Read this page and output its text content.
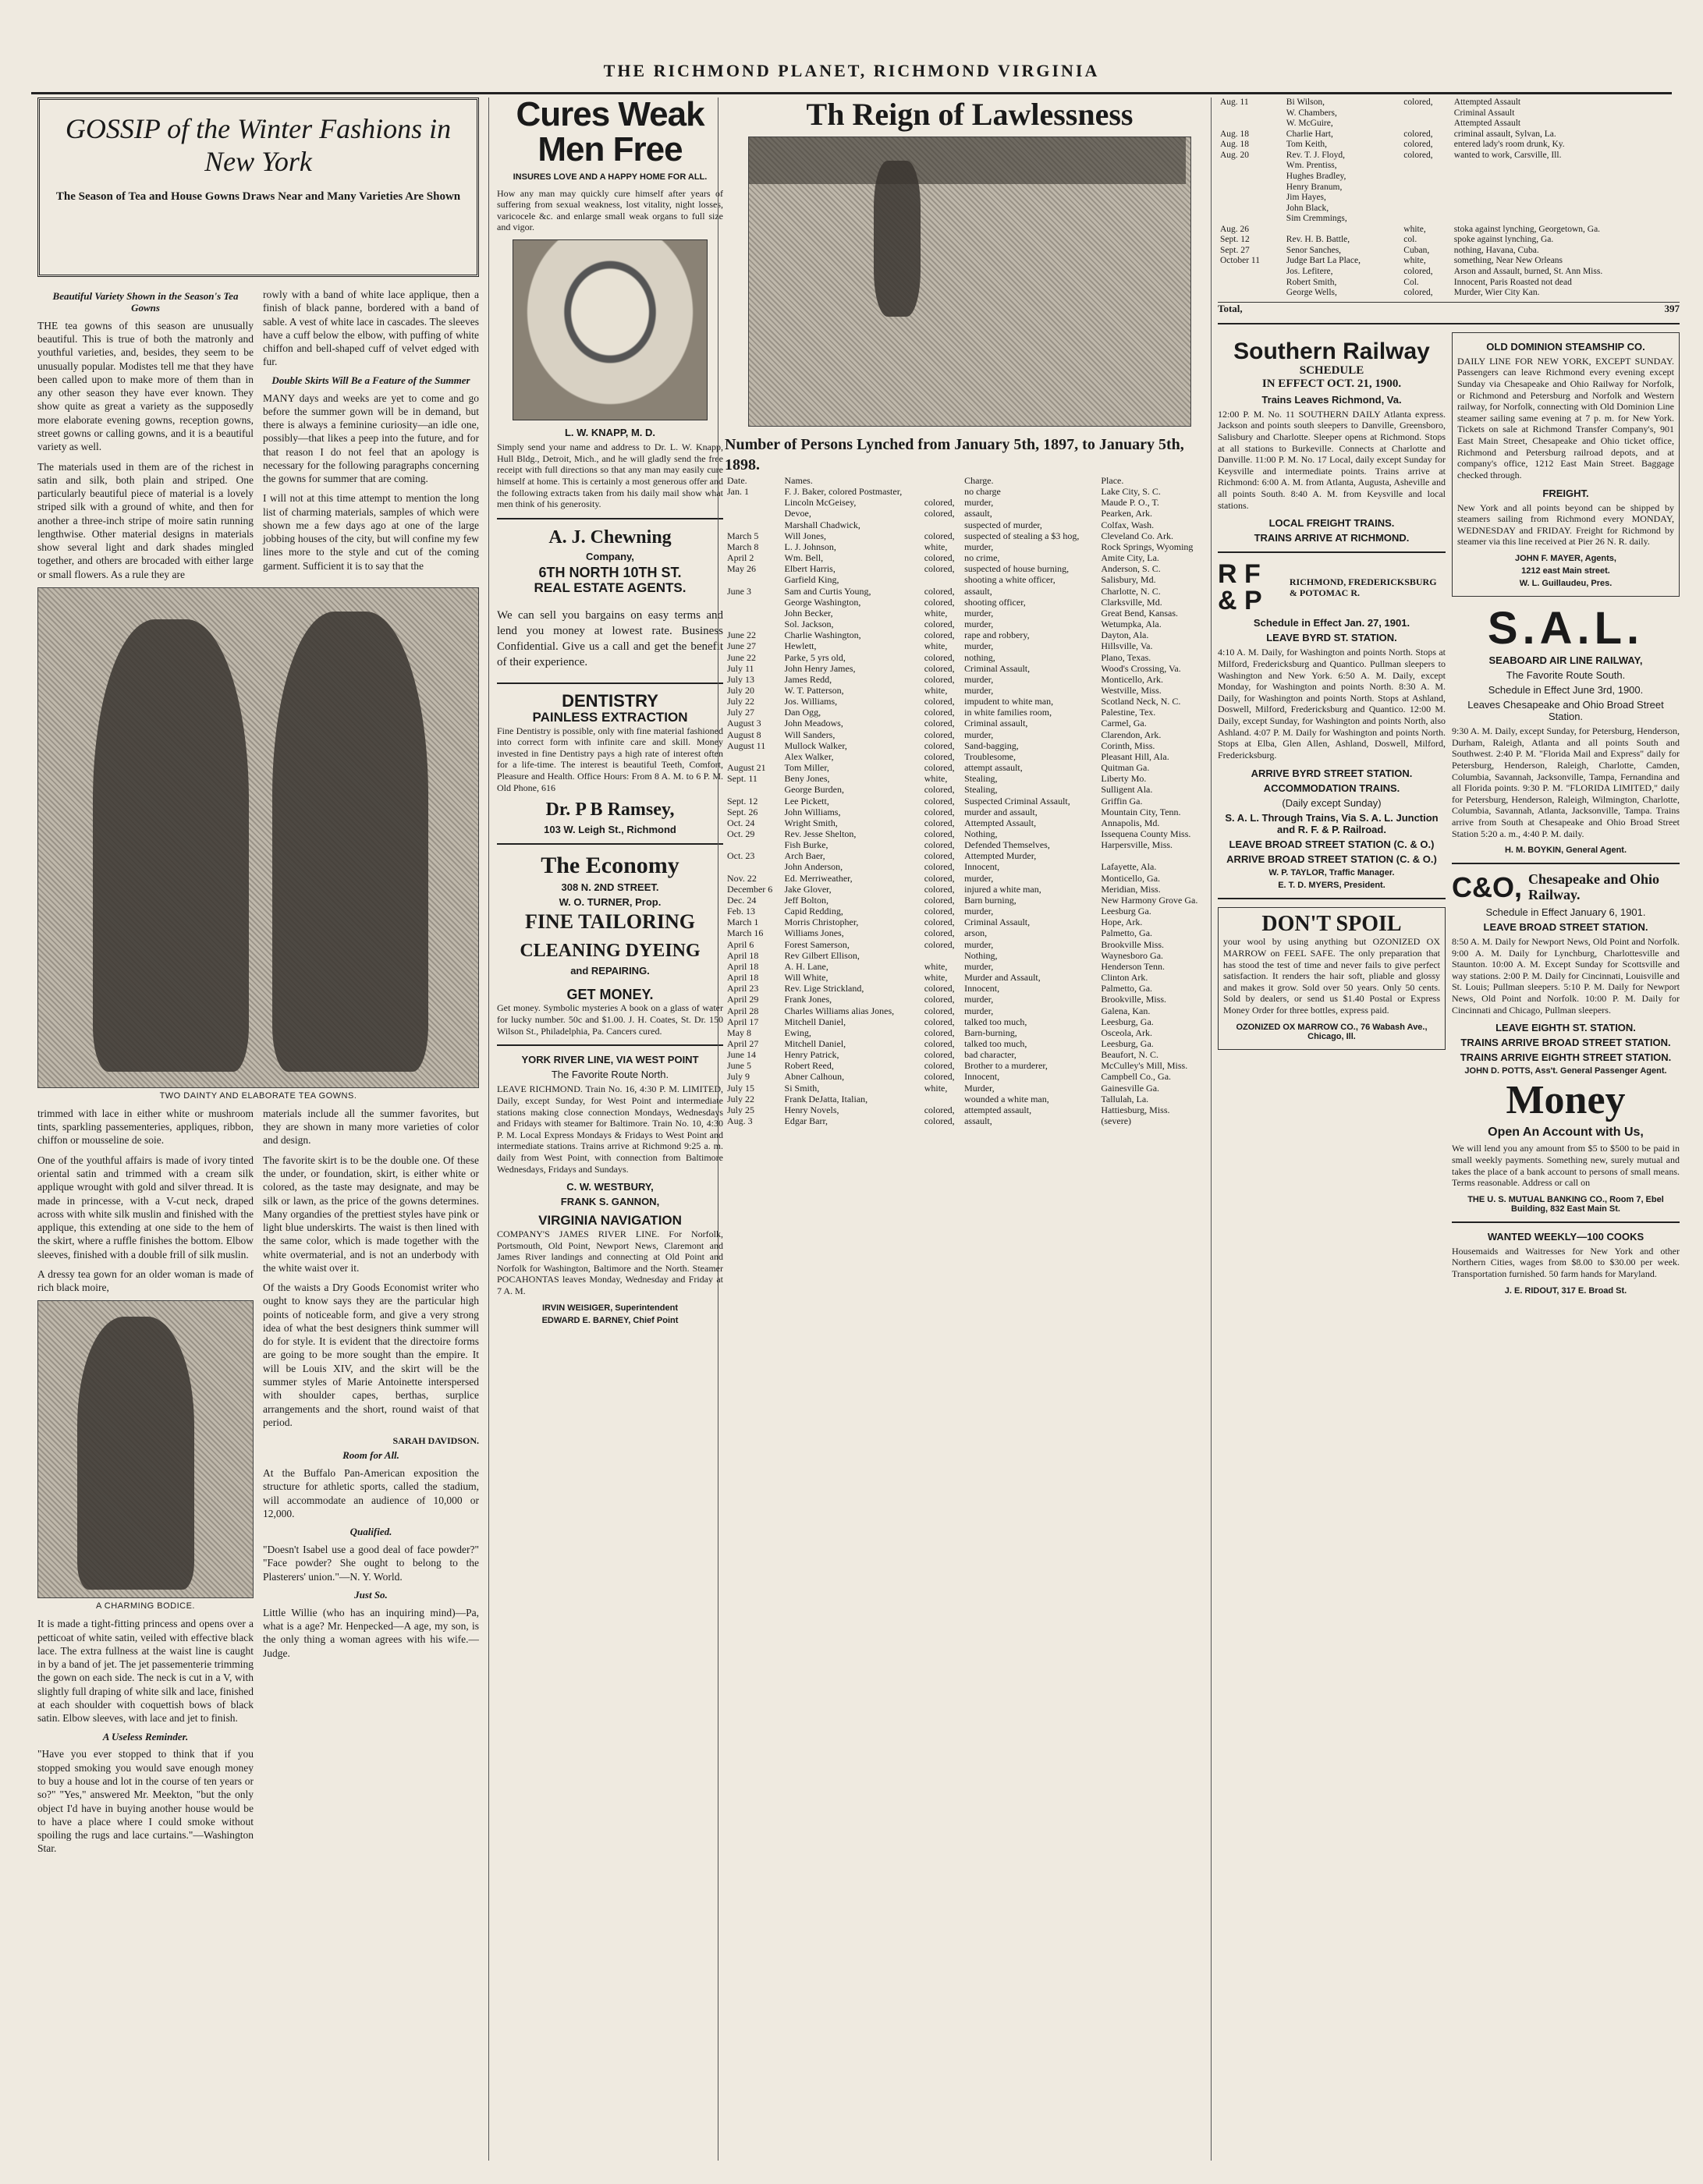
THE RICHMOND PLANET, RICHMOND VIRGINIA
GOSSIP of the Winter Fashions in New York
The Season of Tea and House Gowns Draws Near and Many Varieties Are Shown
Beautiful Variety Shown in the Season's Tea Gowns

THE tea gowns of this season are unusually beautiful. This is true of both the matronly and youthful varieties, and, besides, they seem to be unusually popular. Modistes tell me that they have been called upon to make more of them than in any other season they have ever known. They show quite as great a variety as the supposedly more elaborate evening gowns, reception gowns, street gowns or calling gowns, and it is a beautiful variety as well.

The materials used in them are of the richest in satin and silk, both plain and striped. One particularly beautiful piece of material is a lovely striped silk with a ground of white, and then for another a three-inch stripe of moire satin running lengthwise. Other material designs in materials show several light and dark shades mingled together, and others are brocaded with either large or small flowers. As a rule they are

rowly with a band of white lace applique, then a finish of black panne, bordered with a band of sable. A vest of white lace in cascades. The sleeves have a cuff below the elbow, with puffing of white chiffon and bell-shaped cuff of velvet edged with fur.

Double Skirts Will Be a Feature of the Summer

MANY days and weeks are yet to come and go before the summer gown will be in demand, but there is always a feminine curiosity—an idle one, possibly—that likes a peep into the future, and for that reason I do not feel that an apology is necessary for the following paragraphs concerning the gowns for summer that are coming.

I will not at this time attempt to mention the long list of charming materials, samples of which were shown me a few days ago at one of the large jobbing houses of the city, but will confine my few lines more to the style and cut of the coming garment. Sufficient it is to say that the

TWO DAINTY AND ELABORATE TEA GOWNS.

trimmed with lace in either white or mushroom tints, sparkling passementeries, appliques, ribbon, chiffon or mousseline de soie.

One of the youthful affairs is made of ivory tinted oriental satin and trimmed with a cream silk applique wrought with gold and silver thread. It is made in princesse, with a V-cut neck, draped across with white silk muslin and finished with the applique, this extending at one side to the hem of the skirt, where a ruffle finishes the bottom. Elbow sleeves, finished with a double frill of silk muslin.

A dressy tea gown for an older woman is made of rich black moire,

A CHARMING BODICE.

It is made a tight-fitting princess and opens over a petticoat of white satin, veiled with effective black lace. The extra fullness at the waist line is caught in by a band of jet. The jet passementerie trimming the gown on each side. The neck is cut in a V, with slightly full draping of white silk and lace, finished at each shoulder with coquettish bows of black satin. Elbow sleeves, with lace and jet to finish.

A Useless Reminder.

"Have you ever stopped to think that if you stopped smoking you would save enough money to buy a house and lot in the course of ten years or so?" "Yes," answered Mr. Meekton, "but the only object I'd have in buying another house would be to have a place where I could smoke without spoiling the rugs and lace curtains."—Washington Star.

materials include all the summer favorites, but they are shown in many more varieties of color and design.

The favorite skirt is to be the double one. Of these the under, or foundation, skirt, is either white or colored, as the taste may designate, and may be silk or lawn, as the price of the gowns determines. Many organdies of the prettiest styles have pink or light blue underskirts. The waist is then lined with the same color, which is made together with the white overmaterial, and is not an underbody with the white waist over it.

Of the waists a Dry Goods Economist writer who ought to know says they are the particular high points of noticeable form, and give a very strong idea of what the best designers think summer will do for style. It is evident that the directoire forms are going to be more sought than the empire. It will be Louis XIV, and the skirt will be the summer styles of Marie Antoinette interspersed with shoulder capes, berthas, surplice arrangements and the short, round waist of that period.

SARAH DAVIDSON.
Room for All.

At the Buffalo Pan-American exposition the structure for athletic sports, called the stadium, will accommodate an audience of 10,000 or 12,000.

Qualified.

"Doesn't Isabel use a good deal of face powder?" "Face powder? She ought to belong to the Plasterers' union."—N. Y. World.

Just So.

Little Willie (who has an inquiring mind)—Pa, what is a age? Mr. Henpecked—A age, my son, is the only thing a woman agrees with his wife.—Judge.

Cures Weak Men Free
INSURES LOVE AND A HAPPY HOME FOR ALL.

How any man may quickly cure himself after years of suffering from sexual weakness, lost vitality, night losses, varicocele &c. and enlarge small weak organs to full size and vigor.

L. W. KNAPP, M. D.

Simply send your name and address to Dr. L. W. Knapp, Hull Bldg., Detroit, Mich., and he will gladly send the free receipt with full directions so that any man may easily cure himself at home. This is certainly a most generous offer and the following extracts taken from his daily mail show what men think of his generosity.

A. J. Chewning
Company,
6TH NORTH 10TH ST.
REAL ESTATE AGENTS.

We can sell you bargains on easy terms and lend you money at lowest rate. Business Confidential. Give us a call and get the benefit of their experience.

DENTISTRY
PAINLESS EXTRACTION

Fine Dentistry is possible, only with fine material fashioned into correct form with infinite care and skill. Money invested in fine Dentistry pays a high rate of interest often for a life-time. The interest is beautiful Teeth, Comfort, Pleasure and Health. Office Hours: From 8 A. M. to 6 P. M. Old Phone, 616

Dr. P B Ramsey,
103 W. Leigh St., Richmond
The Economy
308 N. 2ND STREET.
W. O. TURNER, Prop.
FINE TAILORING
CLEANING DYEING
and REPAIRING.
GET MONEY.

Get money. Symbolic mysteries A book on a glass of water for lucky number. 50c and $1.00. J. H. Coates, St. Dr. 150 Wilson St., Philadelphia, Pa. Cancers cured.

YORK RIVER LINE, VIA WEST POINT
The Favorite Route North.

LEAVE RICHMOND. Train No. 16, 4:30 P. M. LIMITED, Daily, except Sunday, for West Point and intermediate stations making close connection Mondays, Wednesdays and Fridays with steamer for Baltimore. Train No. 10, 4:30 P. M. Local Express Mondays & Fridays to West Point and intermediate stations. Trains arrive at Richmond 9:25 a. m. daily from West Point, with connection from Baltimore Wednesdays, Fridays and Sundays.

C. W. WESTBURY,
FRANK S. GANNON,
VIRGINIA NAVIGATION

COMPANY'S JAMES RIVER LINE. For Norfolk, Portsmouth, Old Point, Newport News, Claremont and James River landings and connecting at Old Point and Norfolk for Washington, Baltimore and the North. Steamer POCAHONTAS leaves Monday, Wednesday and Friday at 7 A. M.

IRVIN WEISIGER, Superintendent
EDWARD E. BARNEY, Chief Point
Th Reign of Lawlessness
Number of Persons Lynched from January 5th, 1897, to January 5th, 1898.
Date.	Names.		Charge.	Place.
Jan. 1	F. J. Baker, colored Postmaster,		no charge	Lake City, S. C.
	Lincoln McGeisey,	colored,	murder,	Maude P. O., T.
	Devoe,	colored,	assault,	Pearken, Ark.
	Marshall Chadwick,		suspected of murder,	Colfax, Wash.
March 5	Will Jones,	colored,	suspected of stealing a $3 hog,	Cleveland Co. Ark.
March 8	L. J. Johnson,	white,	murder,	Rock Springs, Wyoming
April 2	Wm. Bell,	colored,	no crime,	Amite City, La.
May 26	Elbert Harris,	colored,	suspected of house burning,	Anderson, S. C.
	Garfield King,		shooting a white officer,	Salisbury, Md.
June 3	Sam and Curtis Young,	colored,	assault,	Charlotte, N. C.
	George Washington,	colored,	shooting officer,	Clarksville, Md.
	John Becker,	white,	murder,	Great Bend, Kansas.
	Sol. Jackson,	colored,	murder,	Wetumpka, Ala.
June 22	Charlie Washington,	colored,	rape and robbery,	Dayton, Ala.
June 27	Hewlett,	white,	murder,	Hillsville, Va.
June 22	Parke, 5 yrs old,	colored,	nothing,	Plano, Texas.
July 11	John Henry James,	colored,	Criminal Assault,	Wood's Crossing, Va.
July 13	James Redd,	colored,	murder,	Monticello, Ark.
July 20	W. T. Patterson,	white,	murder,	Westville, Miss.
July 22	Jos. Williams,	colored,	impudent to white man,	Scotland Neck, N. C.
July 27	Dan Ogg,	colored,	in white families room,	Palestine, Tex.
August 3	John Meadows,	colored,	Criminal assault,	Carmel, Ga.
August 8	Will Sanders,	colored,	murder,	Clarendon, Ark.
August 11	Mullock Walker,	colored,	Sand-bagging,	Corinth, Miss.
	Alex Walker,	colored,	Troublesome,	Pleasant Hill, Ala.
August 21	Tom Miller,	colored,	attempt assault,	Quitman Ga.
Sept. 11	Beny Jones,	white,	Stealing,	Liberty Mo.
	George Burden,	colored,	Stealing,	Sulligent Ala.
Sept. 12	Lee Pickett,	colored,	Suspected Criminal Assault,	Griffin Ga.
Sept. 26	John Williams,	colored,	murder and assault,	Mountain City, Tenn.
Oct. 24	Wright Smith,	colored,	Attempted Assault,	Annapolis, Md.
Oct. 29	Rev. Jesse Shelton,	colored,	Nothing,	Issequena County Miss.
	Fish Burke,	colored,	Defended Themselves,	Harpersville, Miss.
Oct. 23	Arch Baer,	colored,	Attempted Murder,	
	John Anderson,	colored,	Innocent,	Lafayette, Ala.
Nov. 22	Ed. Merriweather,	colored,	murder,	Monticello, Ga.
December 6	Jake Glover,	colored,	injured a white man,	Meridian, Miss.
Dec. 24	Jeff Bolton,	colored,	Barn burning,	New Harmony Grove Ga.
Feb. 13	Capid Redding,	colored,	murder,	Leesburg Ga.
March 1	Morris Christopher,	colored,	Criminal Assault,	Hope, Ark.
March 16	Williams Jones,	colored,	arson,	Palmetto, Ga.
April 6	Forest Samerson,	colored,	murder,	Brookville Miss.
April 18	Rev Gilbert Ellison,		Nothing,	Waynesboro Ga.
April 18	A. H. Lane,	white,	murder,	Henderson Tenn.
April 18	Will White,	white,	Murder and Assault,	Clinton Ark.
April 23	Rev. Lige Strickland,	colored,	Innocent,	Palmetto, Ga.
April 29	Frank Jones,	colored,	murder,	Brookville, Miss.
April 28	Charles Williams alias Jones,	colored,	murder,	Galena, Kan.
April 17	Mitchell Daniel,	colored,	talked too much,	Leesburg, Ga.
May 8	Ewing,	colored,	Barn-burning,	Osceola, Ark.
April 27	Mitchell Daniel,	colored,	talked too much,	Leesburg, Ga.
June 14	Henry Patrick,	colored,	bad character,	Beaufort, N. C.
June 5	Robert Reed,	colored,	Brother to a murderer,	McCulley's Mill, Miss.
July 9	Abner Calhoun,	colored,	Innocent,	Campbell Co., Ga.
July 15	Si Smith,	white,	Murder,	Gainesville Ga.
July 22	Frank DeJatta, Italian,		wounded a white man,	Tallulah, La.
July 25	Henry Novels,	colored,	attempted assault,	Hattiesburg, Miss.
Aug. 3	Edgar Barr,	colored,	assault,	(severe)
Aug. 11	Bi Wilson,	colored,	Attempted Assault
	W. Chambers,		Criminal Assault
	W. McGuire,		Attempted Assault
Aug. 18	Charlie Hart,	colored,	criminal assault, Sylvan, La.
Aug. 18	Tom Keith,	colored,	entered lady's room drunk, Ky.
Aug. 20	Rev. T. J. Floyd,	colored,	wanted to work, Carsville, Ill.
	Wm. Prentiss,		
	Hughes Bradley,		
	Henry Branum,		
	Jim Hayes,		
	John Black,		
	Sim Cremmings,		
Aug. 26		white,	stoka against lynching, Georgetown, Ga.
Sept. 12	Rev. H. B. Battle,	col.	spoke against lynching, Ga.
Sept. 27	Senor Sanches,	Cuban,	nothing, Havana, Cuba.
October 11	Judge Bart La Place,	white,	something, Near New Orleans
	Jos. Lefitere,	colored,	Arson and Assault, burned, St. Ann Miss.
	Robert Smith,	Col.	Innocent, Paris Roasted not dead
	George Wells,	colored,	Murder, Wier City Kan.
Total,	397
Southern Railway
SCHEDULE
IN EFFECT OCT. 21, 1900.
Trains Leaves Richmond, Va.

12:00 P. M. No. 11 SOUTHERN DAILY Atlanta express. Jackson and points south sleepers to Danville, Greensboro, Salisbury and Charlotte. Sleeper opens at Richmond. Stops at all stations to Burkeville. Connects at Charlotte and Danville. 11:00 P. M. No. 17 Local, daily except Sunday for Keysville and intermediate points. Trains arrive at Richmond: 6:00 A. M. from Atlanta, Augusta, Asheville and all points South. 8:40 A. M. from Keysville and local stations.

LOCAL FREIGHT TRAINS.
TRAINS ARRIVE AT RICHMOND.
R F & P
RICHMOND, FREDERICKSBURG & POTOMAC R.
Schedule in Effect Jan. 27, 1901.
LEAVE BYRD ST. STATION.

4:10 A. M. Daily, for Washington and points North. Stops at Milford, Fredericksburg and Quantico. Pullman sleepers to Washington and New York. 6:50 A. M. Daily, except Monday, for Washington and points North. 8:30 A. M. Daily, for Washington and points North. Stops at Ashland, Doswell, Milford, Fredericksburg and Quantico. 12:00 M. Daily, except Sunday, for Washington and points North, also Ashland. 4:07 P. M. Daily for Washington and points North. Stops at Elba, Glen Allen, Ashland, Doswell, Milford, Fredericksburg.

ARRIVE BYRD STREET STATION.
ACCOMMODATION TRAINS.
(Daily except Sunday)
S. A. L. Through Trains, Via S. A. L. Junction and R. F. & P. Railroad.
LEAVE BROAD STREET STATION (C. & O.)
ARRIVE BROAD STREET STATION (C. & O.)
W. P. TAYLOR, Traffic Manager.
E. T. D. MYERS, President.
DON'T SPOIL

your wool by using anything but OZONIZED OX MARROW on FEEL SAFE. The only preparation that has stood the test of time and never fails to give perfect satisfaction. It renders the hair soft, pliable and glossy and makes it grow. Sold over 50 years. Only 50 cents. Sold by dealers, or send us $1.40 Postal or Express Money Order for three bottles, express paid.

OZONIZED OX MARROW CO., 76 Wabash Ave., Chicago, Ill.
OLD DOMINION STEAMSHIP CO.

DAILY LINE FOR NEW YORK, EXCEPT SUNDAY. Passengers can leave Richmond every evening except Sunday via Chesapeake and Ohio Railway for Norfolk, or Richmond and Petersburg and Norfolk and Western railway, for Norfolk, connecting with Old Dominion Line steamer sailing same evening at 7 p. m. for New York. Tickets on sale at Richmond Transfer Company's, 901 East Main Street, Chesapeake and Ohio ticket office, Richmond and Petersburg railroad depots, and at company's office, 1212 East Main Street. Baggage checked through.

FREIGHT.

New York and all points beyond can be shipped by steamers sailing from Richmond every MONDAY, WEDNESDAY and FRIDAY. Freight for Richmond by steamer via this line received at Pier 26 N. R. daily.

JOHN F. MAYER, Agents,
1212 east Main street.
W. L. Guillaudeu, Pres.
S.A.L.
SEABOARD AIR LINE RAILWAY,
The Favorite Route South.
Schedule in Effect June 3rd, 1900.
Leaves Chesapeake and Ohio Broad Street Station.

9:30 A. M. Daily, except Sunday, for Petersburg, Henderson, Durham, Raleigh, Atlanta and all points South and Southwest. 2:40 P. M. "Florida Mail and Express" daily for Petersburg, Henderson, Raleigh, Charlotte, Camden, Columbia, Savannah, Jacksonville, Tampa, Fernandina and all Florida points. 9:30 P. M. "FLORIDA LIMITED," daily for Petersburg, Henderson, Raleigh, Wilmington, Charlotte, Columbia, Savannah, Atlanta, Jacksonville, Tampa. Trains arrive from South at Chesapeake and Ohio Broad Street Station 5:20 a. m., 4:40 P. M. daily.

H. M. BOYKIN, General Agent.
C&O, Chesapeake and Ohio Railway.
Schedule in Effect January 6, 1901.
LEAVE BROAD STREET STATION.

8:50 A. M. Daily for Newport News, Old Point and Norfolk. 9:00 A. M. Daily for Lynchburg, Charlottesville and Staunton. 10:00 A. M. Except Sunday for Scottsville and way stations. 2:00 P. M. Daily for Cincinnati, Louisville and St. Louis; Pullman sleepers. 5:10 P. M. Daily for Newport News, Old Point and Norfolk. 10:00 P. M. Daily for Cincinnati and Chicago, Pullman sleepers.

LEAVE EIGHTH ST. STATION.
TRAINS ARRIVE BROAD STREET STATION.
TRAINS ARRIVE EIGHTH STREET STATION.
JOHN D. POTTS, Ass't. General Passenger Agent.
Money
Open An Account with Us,

We will lend you any amount from $5 to $500 to be paid in small weekly payments. Something new, surely mutual and takes the place of a bank account to persons of small means. Terms reasonable. Address or call on

THE U. S. MUTUAL BANKING CO., Room 7, Ebel Building, 832 East Main St.
WANTED WEEKLY—100 COOKS

Housemaids and Waitresses for New York and other Northern Cities, wages from $8.00 to $30.00 per week. Transportation furnished. 50 farm hands for Maryland.

J. E. RIDOUT, 317 E. Broad St.
